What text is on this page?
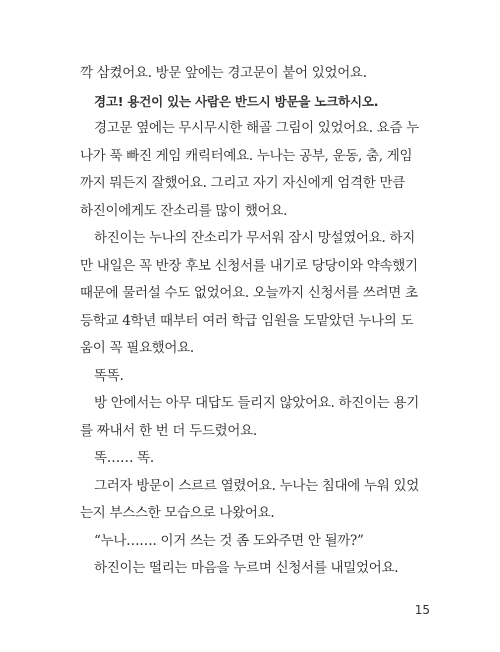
깍 삼켰어요. 방문 앞에는 경고문이 붙어 있었어요.

경고! 용건이 있는 사람은 반드시 방문을 노크하시오.

경고문 옆에는 무시무시한 해골 그림이 있었어요. 요즘 누나가 푹 빠진 게임 캐릭터예요. 누나는 공부, 운동, 춤, 게임까지 뭐든지 잘했어요. 그리고 자기 자신에게 엄격한 만큼 하진이에게도 잔소리를 많이 했어요.

하진이는 누나의 잔소리가 무서워 잠시 망설였어요. 하지만 내일은 꼭 반장 후보 신청서를 내기로 당당이와 약속했기 때문에 물러설 수도 없었어요. 오늘까지 신청서를 쓰려면 초등학교 4학년 때부터 여러 학급 임원을 도맡았던 누나의 도움이 꼭 필요했어요.

똑똑.

방 안에서는 아무 대답도 들리지 않았어요. 하진이는 용기를 짜내서 한 번 더 두드렸어요.

똑…… 똑.

그러자 방문이 스르르 열렸어요. 누나는 침대에 누워 있었는지 부스스한 모습으로 나왔어요.

“누나……. 이거 쓰는 것 좀 도와주면 안 될까?”

하진이는 떨리는 마음을 누르며 신청서를 내밀었어요.

15
